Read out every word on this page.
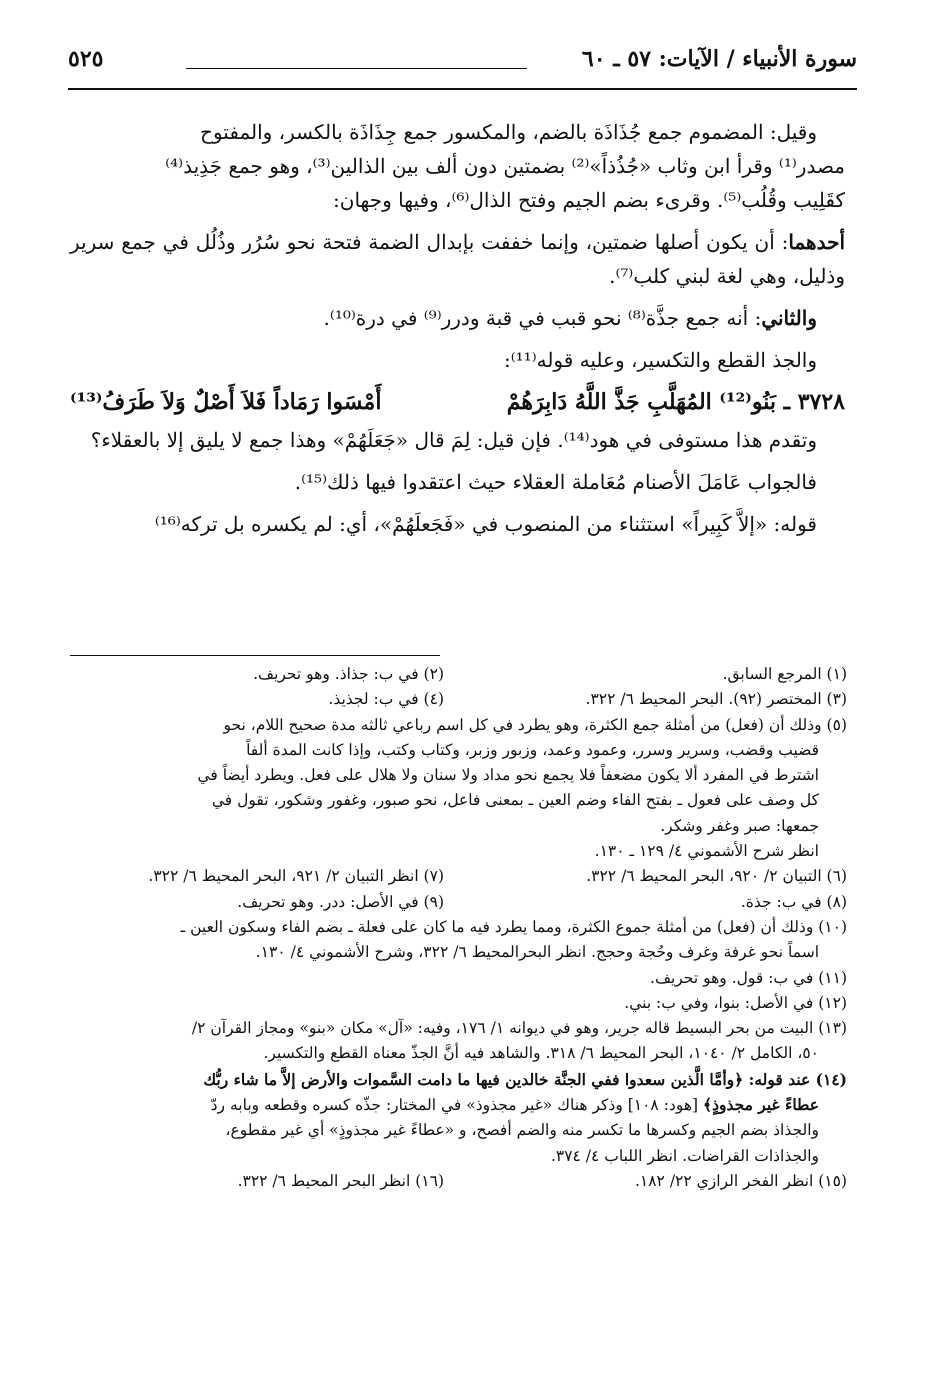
سورة الأنبياء / الآيات: ٥٧ ـ ٦٠
٥٢٥

وقيل: المضموم جمع جُذَاذَة بالضم، والمكسور جمع جِذَاذَة بالكسر، والمفتوح

مصدر⁽¹⁾ وقرأ ابن وثاب «جُذُذاً»⁽²⁾ بضمتين دون ألف بين الذالين⁽³⁾، وهو جمع جَذِيذ⁽⁴⁾

كقَلِيب وقُلُب⁽⁵⁾. وقرىء بضم الجيم وفتح الذال⁽⁶⁾، وفيها وجهان:

أحدهما: أن يكون أصلها ضمتين، وإنما خففت بإبدال الضمة فتحة نحو سُرُر وذُلُل في جمع سرير وذليل، وهي لغة لبني كلب⁽⁷⁾.

والثاني: أنه جمع جذَّة⁽⁸⁾ نحو قبب في قبة ودرر⁽⁹⁾ في درة⁽¹⁰⁾.

والجذ القطع والتكسير، وعليه قوله⁽¹¹⁾:

٣٧٢٨ ـ بَنُو⁽¹²⁾ المُهَلَّبِ جَذَّ اللَّهُ دَابِرَهُمْ
أَمْسَوا رَمَاداً فَلاَ أَصْلٌ وَلاَ طَرَفُ⁽¹³⁾

وتقدم هذا مستوفى في هود⁽¹⁴⁾. فإن قيل: لِمَ قال «جَعَلَهُمْ» وهذا جمع لا يليق إلا بالعقلاء؟

فالجواب عَامَلَ الأصنام مُعَاملة العقلاء حيث اعتقدوا فيها ذلك⁽¹⁵⁾.

قوله: «إلاَّ كَبِيراً» استثناء من المنصوب في «فَجَعلَهُمْ»، أي: لم يكسره بل تركه⁽¹⁶⁾

(١) المرجع السابق.
(٢) في ب: جذاذ. وهو تحريف.
(٣) المختصر (٩٢). البحر المحيط ٦/ ٣٢٢.
(٤) في ب: لجذيذ.
(٥) وذلك أن (فعل) من أمثلة جمع الكثرة، وهو يطرد في كل اسم رباعي ثالثه مدة صحيح اللام، نحو
قضيب وقضب، وسرير وسرر، وعمود وعمد، وزبور وزبر، وكتاب وكتب، وإذا كانت المدة ألفاً
اشترط في المفرد ألا يكون مضعفاً فلا يجمع نحو مداد ولا سنان ولا هلال على فعل. ويطرد أيضاً في
كل وصف على فعول ـ بفتح الفاء وضم العين ـ بمعنى فاعل، نحو صبور، وغفور وشكور، تقول في
جمعها: صبر وغفر وشكر.
انظر شرح الأشموني ٤/ ١٢٩ ـ ١٣٠.
(٦) التبيان ٢/ ٩٢٠، البحر المحيط ٦/ ٣٢٢.
(٧) انظر التبيان ٢/ ٩٢١، البحر المحيط ٦/ ٣٢٢.
(٨) في ب: جذة.
(٩) في الأصل: ددر. وهو تحريف.
(١٠) وذلك أن (فعل) من أمثلة جموع الكثرة، ومما يطرد فيه ما كان على فعلة ـ بضم الفاء وسكون العين ـ
اسماً نحو غرفة وغرف وحُجة وحجج. انظر البحرالمحيط ٦/ ٣٢٢، وشرح الأشموني ٤/ ١٣٠.
(١١) في ب: قول. وهو تحريف.
(١٢) في الأصل: بنوا، وفي ب: بني.
(١٣) البيت من بحر البسيط قاله جرير، وهو في ديوانه ١/ ١٧٦، وفيه: «آل» مكان «بنو» ومجاز القرآن ٢/
٥٠، الكامل ٢/ ١٠٤٠، البحر المحيط ٦/ ٣١٨. والشاهد فيه أنَّ الجذّ معناه القطع والتكسير.
(١٤) عند قوله: ﴿وأمَّا الَّذين سعدوا ففي الجنَّة خالدين فيها ما دامت السَّموات والأرض إلاَّ ما شاء ربُّك
عطاءً غير مجذوذٍ﴾ [هود: ١٠٨] وذكر هناك «غير مجذوذ» في المختار: جذّه كسره وقطعه وبابه ردّ
والجذاذ بضم الجيم وكسرها ما تكسر منه والضم أفصح، و «عطاءً غير مجذوذٍ» أي غير مقطوع،
والجذاذات القراضات. انظر اللباب ٤/ ٣٧٤.
(١٥) انظر الفخر الرازي ٢٢/ ١٨٢.
(١٦) انظر البحر المحيط ٦/ ٣٢٢.
